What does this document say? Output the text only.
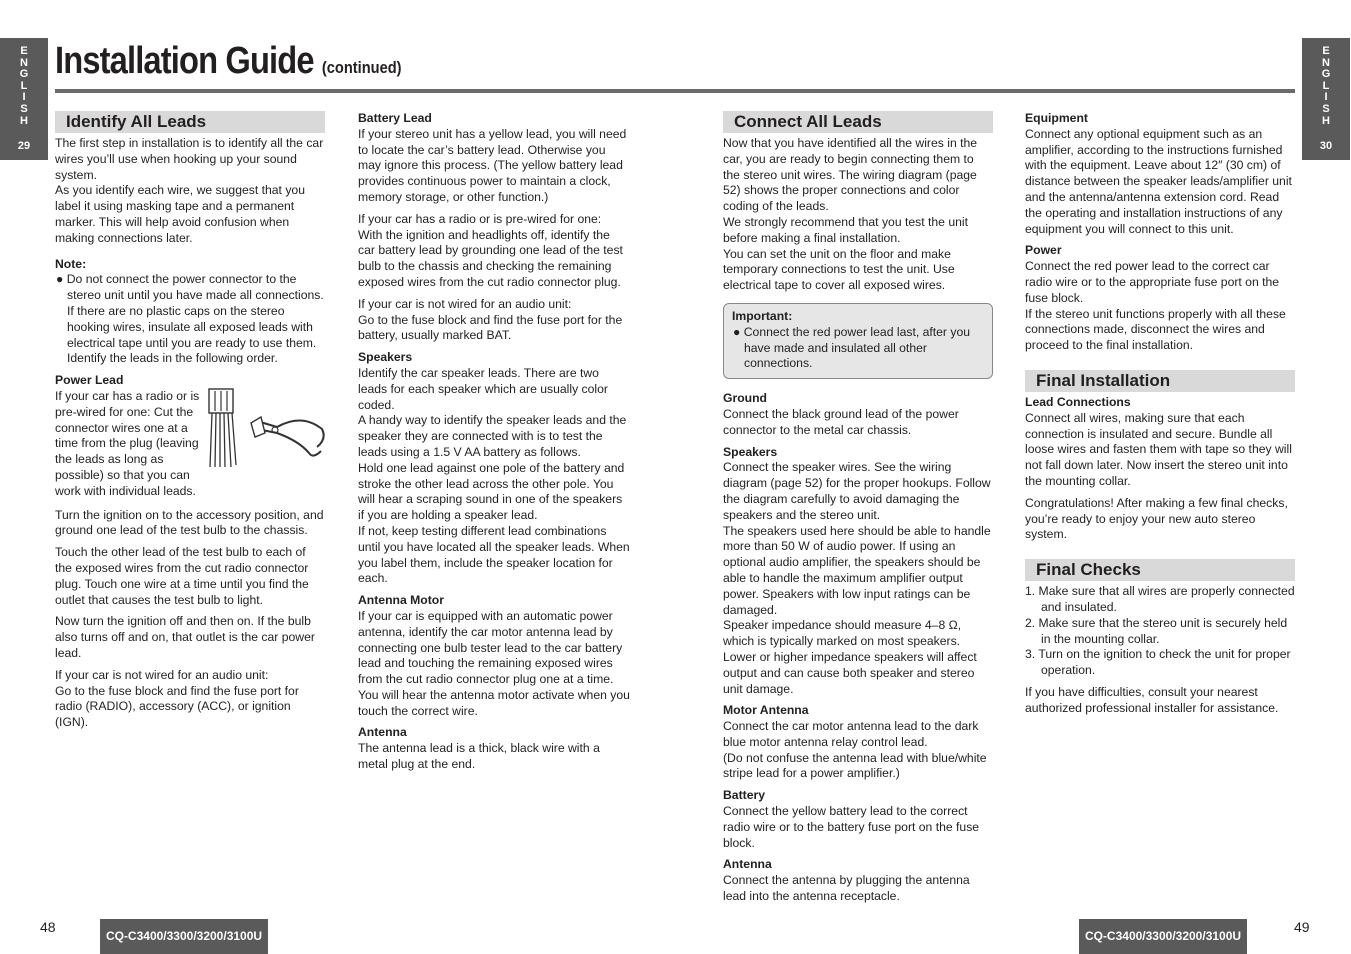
E
N
G
L
I
S
H
29
E
N
G
L
I
S
H
30
Installation Guide (continued)
Identify All Leads

The first step in installation is to identify all the car wires you’ll use when hooking up your sound system.

As you identify each wire, we suggest that you label it using masking tape and a permanent marker. This will help avoid confusion when making connections later.

Note:

● Do not connect the power connector to the stereo unit until you have made all connections. If there are no plastic caps on the stereo hooking wires, insulate all exposed leads with electrical tape until you are ready to use them. Identify the leads in the following order.

Power Lead

If your car has a radio or is pre-wired for one: Cut the connector wires one at a time from the plug (leaving the leads as long as possible) so that you can work with individual leads.

Turn the ignition on to the accessory position, and ground one lead of the test bulb to the chassis.

Touch the other lead of the test bulb to each of the exposed wires from the cut radio connector plug. Touch one wire at a time until you find the outlet that causes the test bulb to light.

Now turn the ignition off and then on. If the bulb also turns off and on, that outlet is the car power lead.

If your car is not wired for an audio unit:
Go to the fuse block and find the fuse port for radio (RADIO), accessory (ACC), or ignition (IGN).

Battery Lead

If your stereo unit has a yellow lead, you will need to locate the car’s battery lead. Otherwise you may ignore this process. (The yellow battery lead provides continuous power to maintain a clock, memory storage, or other function.)

If your car has a radio or is pre-wired for one:
With the ignition and headlights off, identify the car battery lead by grounding one lead of the test bulb to the chassis and checking the remaining exposed wires from the cut radio connector plug.

If your car is not wired for an audio unit:
Go to the fuse block and find the fuse port for the battery, usually marked BAT.

Speakers

Identify the car speaker leads. There are two leads for each speaker which are usually color coded.

A handy way to identify the speaker leads and the speaker they are connected with is to test the leads using a 1.5 V AA battery as follows.

Hold one lead against one pole of the battery and stroke the other lead across the other pole. You will hear a scraping sound in one of the speakers if you are holding a speaker lead.

If not, keep testing different lead combinations until you have located all the speaker leads. When you label them, include the speaker location for each.

Antenna Motor

If your car is equipped with an automatic power antenna, identify the car motor antenna lead by connecting one bulb tester lead to the car battery lead and touching the remaining exposed wires from the cut radio connector plug one at a time. You will hear the antenna motor activate when you touch the correct wire.

Antenna

The antenna lead is a thick, black wire with a metal plug at the end.

Connect All Leads

Now that you have identified all the wires in the car, you are ready to begin connecting them to the stereo unit wires. The wiring diagram (page 52) shows the proper connections and color coding of the leads.

We strongly recommend that you test the unit before making a final installation.

You can set the unit on the floor and make temporary connections to test the unit. Use electrical tape to cover all exposed wires.

Important:
● Connect the red power lead last, after you have made and insulated all other connections.
Ground

Connect the black ground lead of the power connector to the metal car chassis.

Speakers

Connect the speaker wires. See the wiring diagram (page 52) for the proper hookups. Follow the diagram carefully to avoid damaging the speakers and the stereo unit.

The speakers used here should be able to handle more than 50 W of audio power. If using an optional audio amplifier, the speakers should be able to handle the maximum amplifier output power. Speakers with low input ratings can be damaged.

Speaker impedance should measure 4–8 Ω, which is typically marked on most speakers. Lower or higher impedance speakers will affect output and can cause both speaker and stereo unit damage.

Motor Antenna

Connect the car motor antenna lead to the dark blue motor antenna relay control lead.

(Do not confuse the antenna lead with blue/white stripe lead for a power amplifier.)

Battery

Connect the yellow battery lead to the correct radio wire or to the battery fuse port on the fuse block.

Antenna

Connect the antenna by plugging the antenna lead into the antenna receptacle.

Equipment

Connect any optional equipment such as an amplifier, according to the instructions furnished with the equipment. Leave about 12″ (30 cm) of distance between the speaker leads/amplifier unit and the antenna/antenna extension cord. Read the operating and installation instructions of any equipment you will connect to this unit.

Power

Connect the red power lead to the correct car radio wire or to the appropriate fuse port on the fuse block.

If the stereo unit functions properly with all these connections made, disconnect the wires and proceed to the final installation.

Final Installation
Lead Connections

Connect all wires, making sure that each connection is insulated and secure. Bundle all loose wires and fasten them with tape so they will not fall down later. Now insert the stereo unit into the mounting collar.

Congratulations! After making a few final checks, you’re ready to enjoy your new auto stereo system.

Final Checks
1. Make sure that all wires are properly connected and insulated.
2. Make sure that the stereo unit is securely held in the mounting collar.
3. Turn on the ignition to check the unit for proper operation.

If you have difficulties, consult your nearest authorized professional installer for assistance.

48
CQ-C3400/3300/3200/3100U	CQ-C3400/3300/3200/3100U
49
